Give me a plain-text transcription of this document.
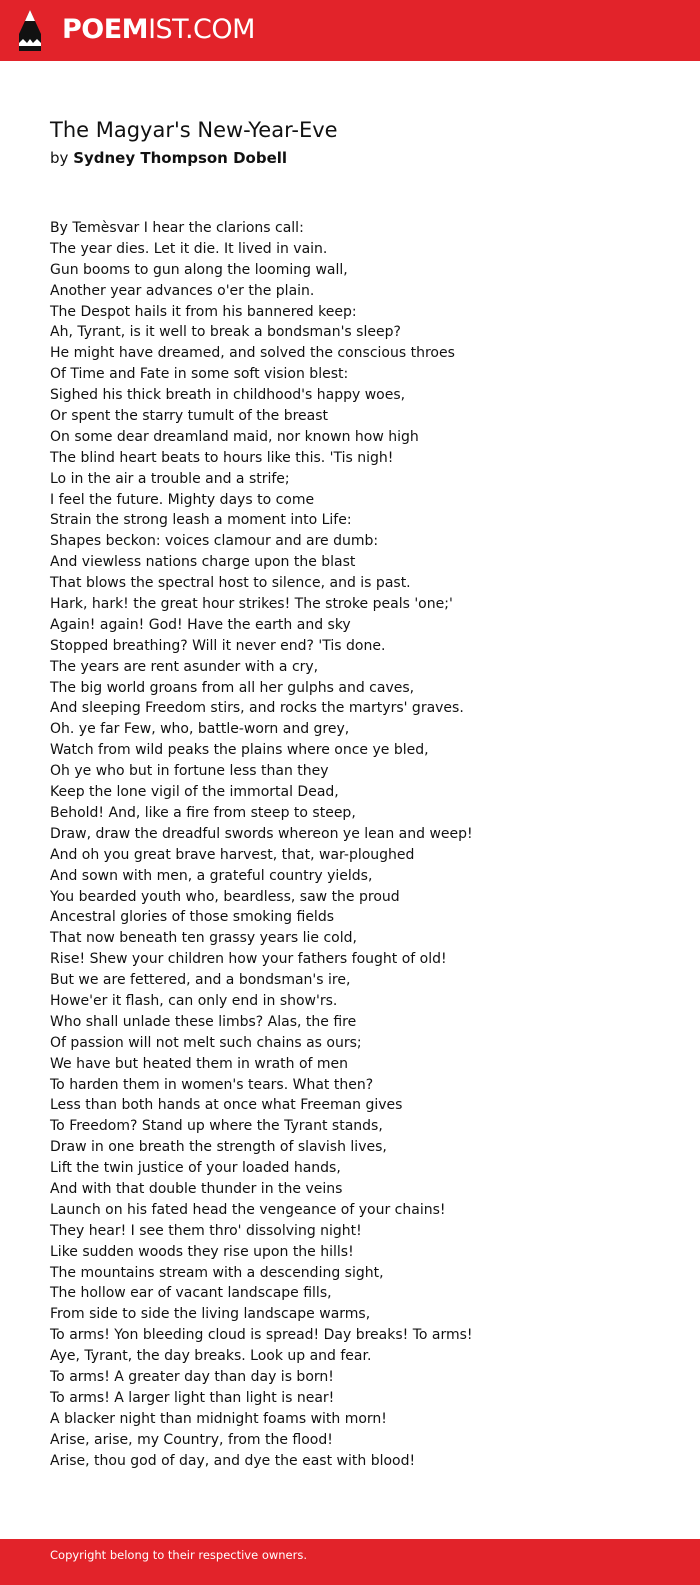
POEMIST.COM
The Magyar's New-Year-Eve
by Sydney Thompson Dobell
By Temèsvar I hear the clarions call:
The year dies. Let it die. It lived in vain.
Gun booms to gun along the looming wall,
Another year advances o'er the plain.
The Despot hails it from his bannered keep:
Ah, Tyrant, is it well to break a bondsman's sleep?
He might have dreamed, and solved the conscious throes
Of Time and Fate in some soft vision blest:
Sighed his thick breath in childhood's happy woes,
Or spent the starry tumult of the breast
On some dear dreamland maid, nor known how high
The blind heart beats to hours like this. 'Tis nigh!
Lo in the air a trouble and a strife;
I feel the future. Mighty days to come
Strain the strong leash a moment into Life:
Shapes beckon: voices clamour and are dumb:
And viewless nations charge upon the blast
That blows the spectral host to silence, and is past.
Hark, hark! the great hour strikes! The stroke peals 'one;'
Again! again! God! Have the earth and sky
Stopped breathing? Will it never end? 'Tis done.
The years are rent asunder with a cry,
The big world groans from all her gulphs and caves,
And sleeping Freedom stirs, and rocks the martyrs' graves.
Oh. ye far Few, who, battle-worn and grey,
Watch from wild peaks the plains where once ye bled,
Oh ye who but in fortune less than they
Keep the lone vigil of the immortal Dead,
Behold! And, like a fire from steep to steep,
Draw, draw the dreadful swords whereon ye lean and weep!
And oh you great brave harvest, that, war-ploughed
And sown with men, a grateful country yields,
You bearded youth who, beardless, saw the proud
Ancestral glories of those smoking fields
That now beneath ten grassy years lie cold,
Rise! Shew your children how your fathers fought of old!
But we are fettered, and a bondsman's ire,
Howe'er it flash, can only end in show'rs.
Who shall unlade these limbs? Alas, the fire
Of passion will not melt such chains as ours;
We have but heated them in wrath of men
To harden them in women's tears. What then?
Less than both hands at once what Freeman gives
To Freedom? Stand up where the Tyrant stands,
Draw in one breath the strength of slavish lives,
Lift the twin justice of your loaded hands,
And with that double thunder in the veins
Launch on his fated head the vengeance of your chains!
They hear! I see them thro' dissolving night!
Like sudden woods they rise upon the hills!
The mountains stream with a descending sight,
The hollow ear of vacant landscape fills,
From side to side the living landscape warms,
To arms! Yon bleeding cloud is spread! Day breaks! To arms!
Aye, Tyrant, the day breaks. Look up and fear.
To arms! A greater day than day is born!
To arms! A larger light than light is near!
A blacker night than midnight foams with morn!
Arise, arise, my Country, from the flood!
Arise, thou god of day, and dye the east with blood!
Copyright belong to their respective owners.
